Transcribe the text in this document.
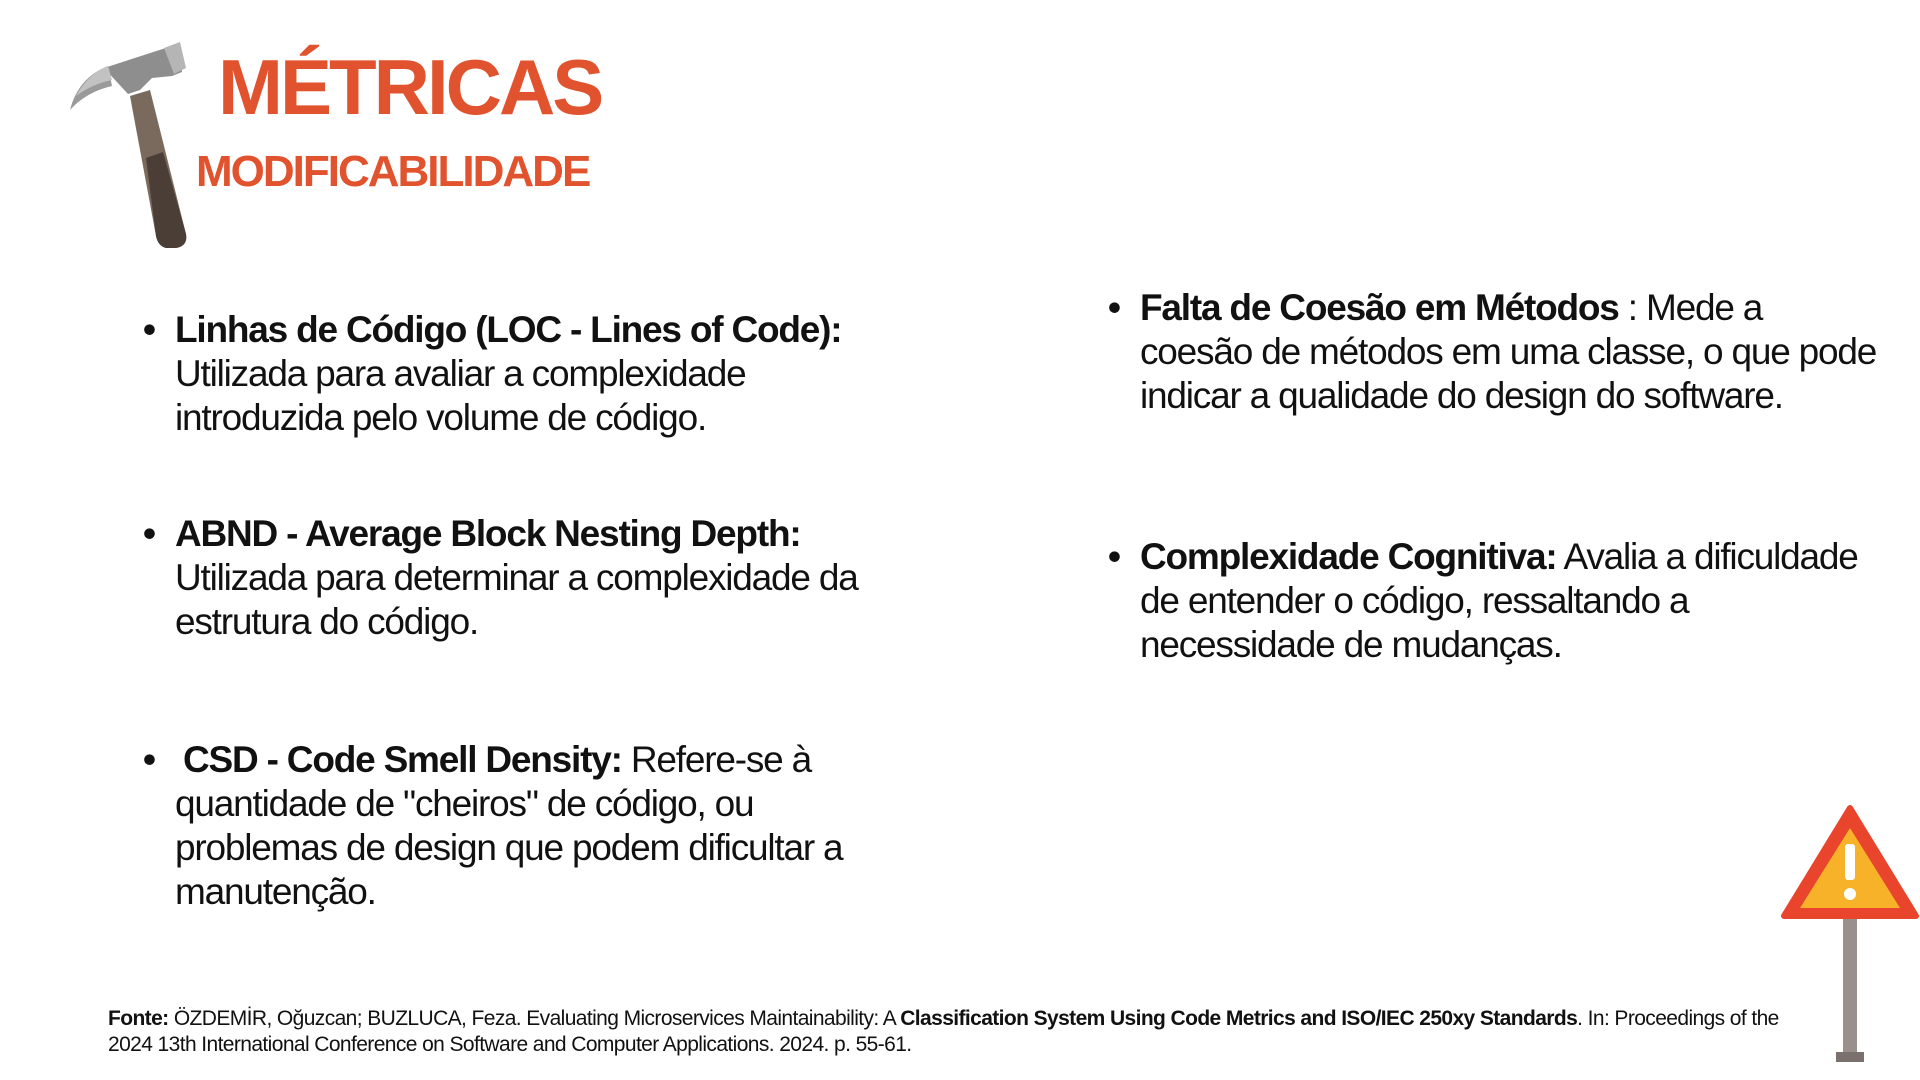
MÉTRICAS
MODIFICABILIDADE
• Linhas de Código (LOC - Lines of Code): Utilizada para avaliar a complexidade introduzida pelo volume de código.
• ABND - Average Block Nesting Depth: Utilizada para determinar a complexidade da estrutura do código.
• CSD - Code Smell Density: Refere-se à quantidade de "cheiros" de código, ou problemas de design que podem dificultar a manutenção.
• Falta de Coesão em Métodos : Mede a coesão de métodos em uma classe, o que pode indicar a qualidade do design do software.
• Complexidade Cognitiva: Avalia a dificuldade de entender o código, ressaltando a necessidade de mudanças.
Fonte: ÖZDEMİR, Oğuzcan; BUZLUCA, Feza. Evaluating Microservices Maintainability: A Classification System Using Code Metrics and ISO/IEC 250xy Standards. In: Proceedings of the 2024 13th International Conference on Software and Computer Applications. 2024. p. 55-61.
